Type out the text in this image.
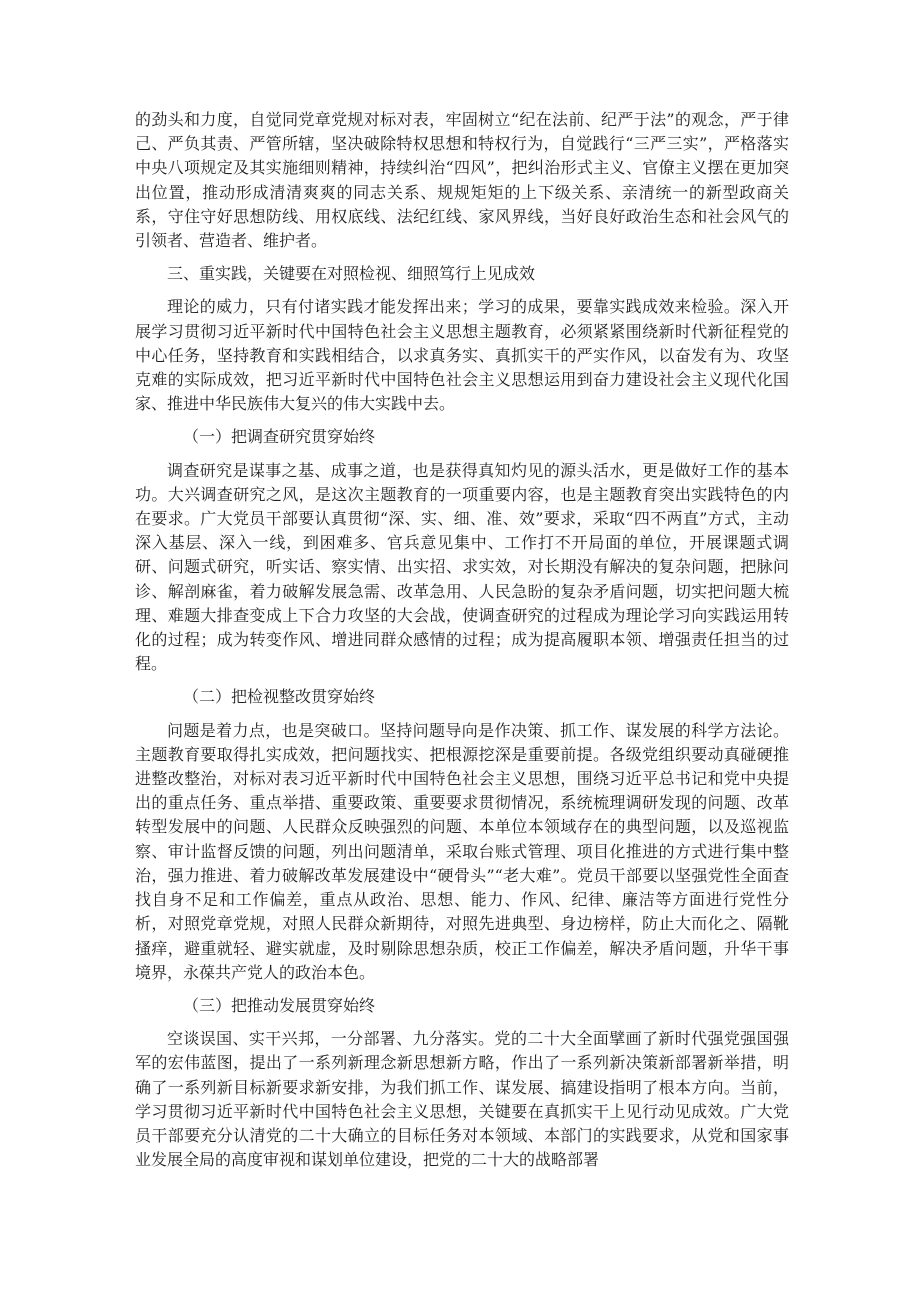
的劲头和力度，自觉同党章党规对标对表，牢固树立“纪在法前、纪严于法”的观念，严于律己、严负其责、严管所辖，坚决破除特权思想和特权行为，自觉践行“三严三实”，严格落实中央八项规定及其实施细则精神，持续纠治“四风”，把纠治形式主义、官僚主义摆在更加突出位置，推动形成清清爽爽的同志关系、规规矩矩的上下级关系、亲清统一的新型政商关系，守住守好思想防线、用权底线、法纪红线、家风界线，当好良好政治生态和社会风气的引领者、营造者、维护者。

三、重实践，关键要在对照检视、细照笃行上见成效

理论的威力，只有付诸实践才能发挥出来；学习的成果，要靠实践成效来检验。深入开展学习贯彻习近平新时代中国特色社会主义思想主题教育，必须紧紧围绕新时代新征程党的中心任务，坚持教育和实践相结合，以求真务实、真抓实干的严实作风，以奋发有为、攻坚克难的实际成效，把习近平新时代中国特色社会主义思想运用到奋力建设社会主义现代化国家、推进中华民族伟大复兴的伟大实践中去。

（一）把调查研究贯穿始终

调查研究是谋事之基、成事之道，也是获得真知灼见的源头活水，更是做好工作的基本功。大兴调查研究之风，是这次主题教育的一项重要内容，也是主题教育突出实践特色的内在要求。广大党员干部要认真贯彻“深、实、细、准、效”要求，采取“四不两直”方式，主动深入基层、深入一线，到困难多、官兵意见集中、工作打不开局面的单位，开展课题式调研、问题式研究，听实话、察实情、出实招、求实效，对长期没有解决的复杂问题，把脉问诊、解剖麻雀，着力破解发展急需、改革急用、人民急盼的复杂矛盾问题，切实把问题大梳理、难题大排查变成上下合力攻坚的大会战，使调查研究的过程成为理论学习向实践运用转化的过程；成为转变作风、增进同群众感情的过程；成为提高履职本领、增强责任担当的过程。

（二）把检视整改贯穿始终

问题是着力点，也是突破口。坚持问题导向是作决策、抓工作、谋发展的科学方法论。主题教育要取得扎实成效，把问题找实、把根源挖深是重要前提。各级党组织要动真碰硬推进整改整治，对标对表习近平新时代中国特色社会主义思想，围绕习近平总书记和党中央提出的重点任务、重点举措、重要政策、重要要求贯彻情况，系统梳理调研发现的问题、改革转型发展中的问题、人民群众反映强烈的问题、本单位本领域存在的典型问题，以及巡视监察、审计监督反馈的问题，列出问题清单，采取台账式管理、项目化推进的方式进行集中整治，强力推进、着力破解改革发展建设中“硬骨头”“老大难”。党员干部要以坚强党性全面查找自身不足和工作偏差，重点从政治、思想、能力、作风、纪律、廉洁等方面进行党性分析，对照党章党规，对照人民群众新期待，对照先进典型、身边榜样，防止大而化之、隔靴搔痒，避重就轻、避实就虚，及时剔除思想杂质，校正工作偏差，解决矛盾问题，升华干事境界，永葆共产党人的政治本色。

（三）把推动发展贯穿始终

空谈误国、实干兴邦，一分部署、九分落实。党的二十大全面擘画了新时代强党强国强军的宏伟蓝图，提出了一系列新理念新思想新方略，作出了一系列新决策新部署新举措，明确了一系列新目标新要求新安排，为我们抓工作、谋发展、搞建设指明了根本方向。当前，学习贯彻习近平新时代中国特色社会主义思想，关键要在真抓实干上见行动见成效。广大党员干部要充分认清党的二十大确立的目标任务对本领域、本部门的实践要求，从党和国家事业发展全局的高度审视和谋划单位建设，把党的二十大的战略部署
